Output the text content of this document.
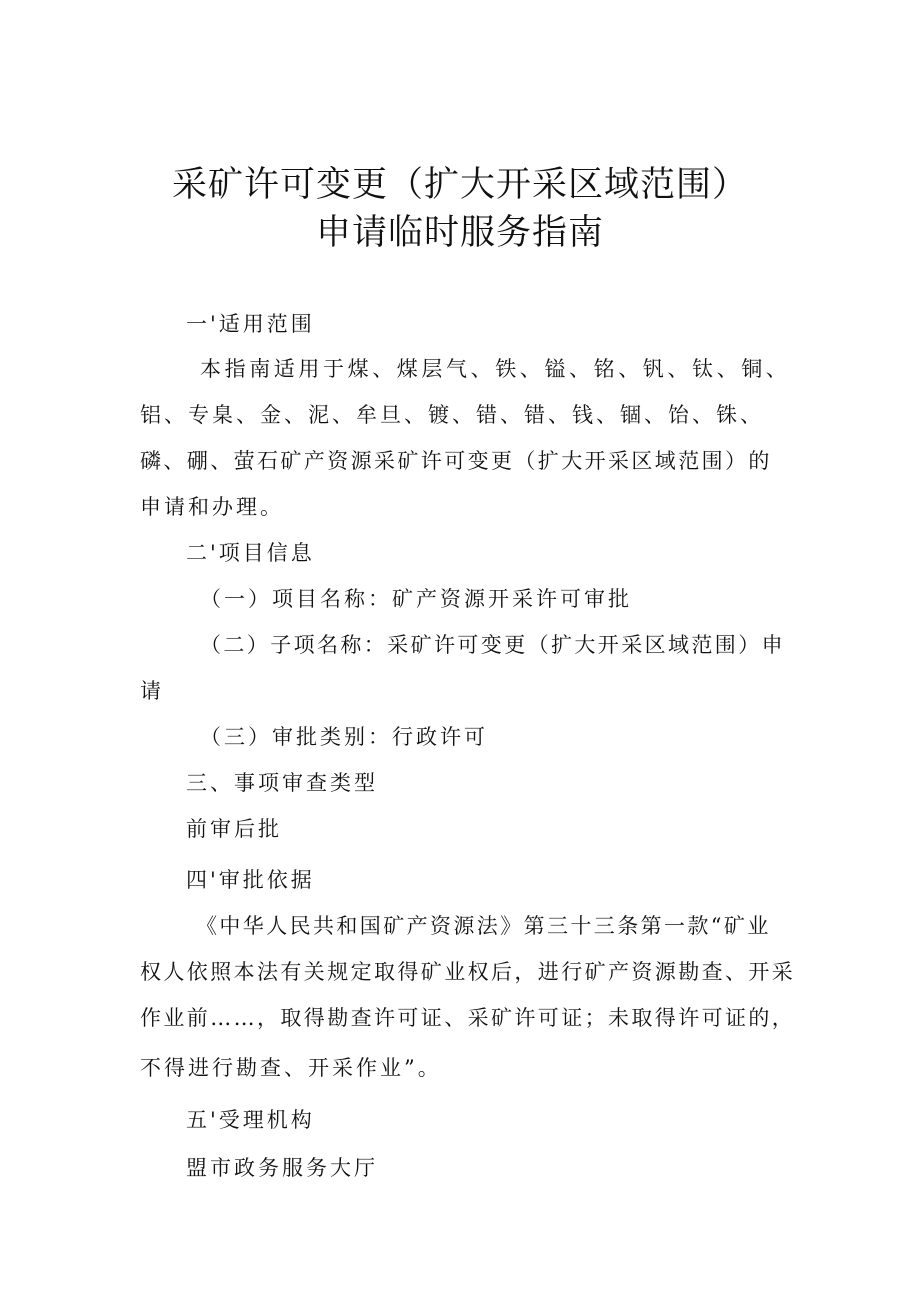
采矿许可变更（扩大开采区域范围）
申请临时服务指南
一'适用范围
本指南适用于煤、煤层气、铁、镒、铭、钒、钛、铜、
铝、专臬、金、泥、牟旦、镀、错、错、钱、锢、饴、铢、
磷、硼、萤石矿产资源采矿许可变更（扩大开采区域范围）的
申请和办理。
二'项目信息
（一）项目名称：矿产资源开采许可审批
（二）子项名称：采矿许可变更（扩大开采区域范围）申
请
（三）审批类别：行政许可
三、事项审查类型
前审后批
四'审批依据
《中华人民共和国矿产资源法》第三十三条第一款“矿业
权人依照本法有关规定取得矿业权后，进行矿产资源勘查、开采
作业前……，取得勘查许可证、采矿许可证；未取得许可证的，
不得进行勘查、开采作业”。
五'受理机构
盟市政务服务大厅
